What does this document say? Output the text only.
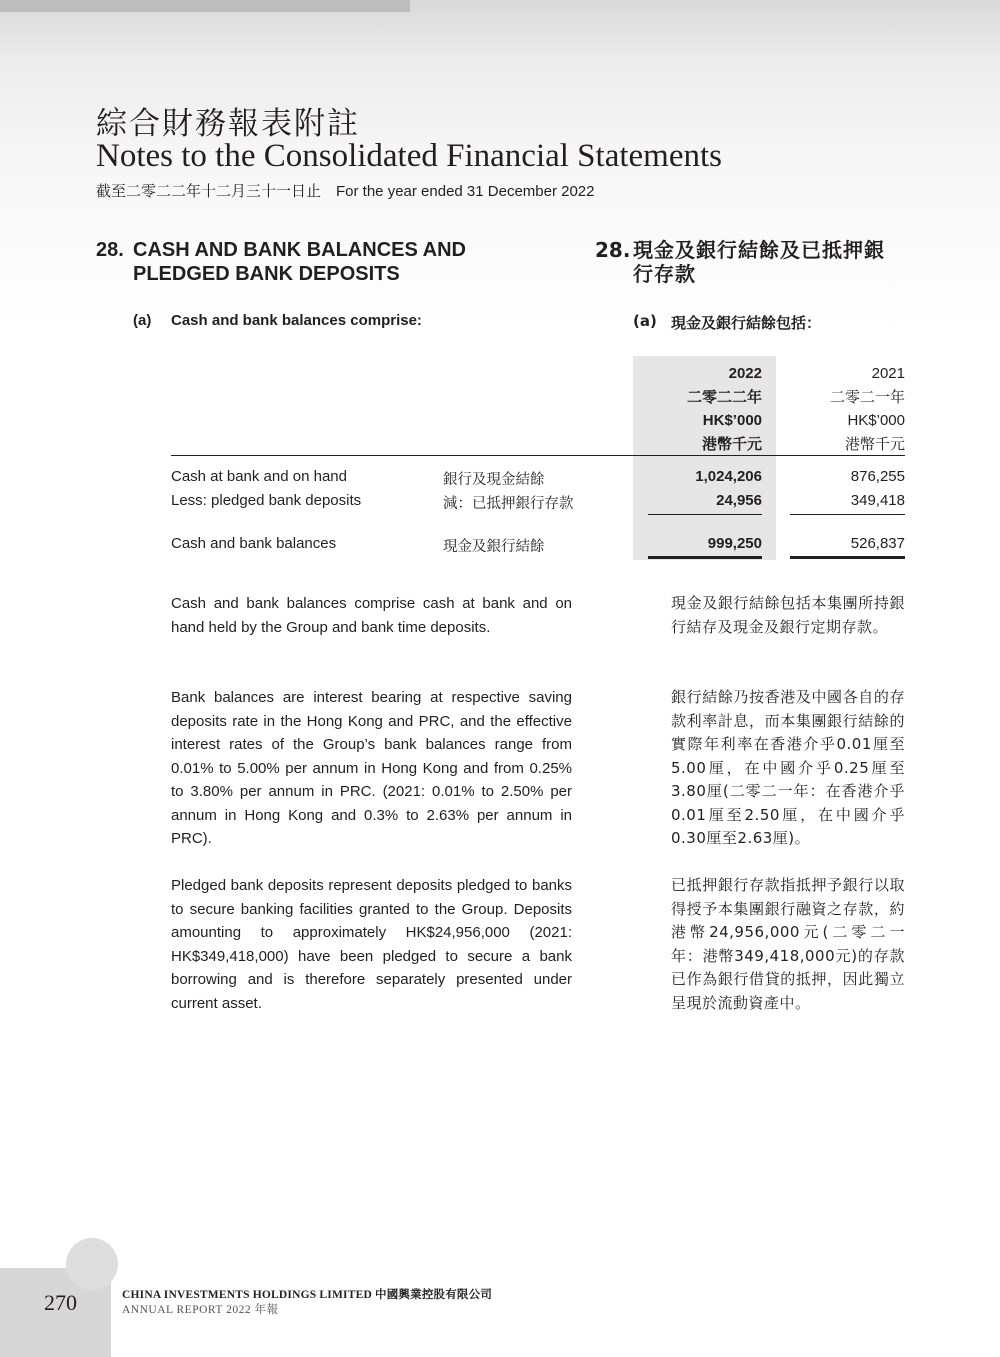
綜合財務報表附註
Notes to the Consolidated Financial Statements
截至二零二二年十二月三十一日止　For the year ended 31 December 2022
28. CASH AND BANK BALANCES AND PLEDGED BANK DEPOSITS
28. 現金及銀行結餘及已抵押銀行存款
(a) Cash and bank balances comprise:	(a) 現金及銀行結餘包括：
2022
二零二二年
HK$’000
港幣千元
2021
二零二一年
HK$’000
港幣千元
Cash at bank and on hand	銀行及現金結餘	1,024,206	876,255
Less: pledged bank deposits	減：已抵押銀行存款	24,956	349,418
Cash and bank balances	現金及銀行結餘	999,250	526,837
Cash and bank balances comprise cash at bank and on hand held by the Group and bank time deposits.
現金及銀行結餘包括本集團所持銀行結存及現金及銀行定期存款。
Bank balances are interest bearing at respective saving deposits rate in the Hong Kong and PRC, and the effective interest rates of the Group’s bank balances range from 0.01% to 5.00% per annum in Hong Kong and from 0.25% to 3.80% per annum in PRC. (2021: 0.01% to 2.50% per annum in Hong Kong and 0.3% to 2.63% per annum in PRC).
銀行結餘乃按香港及中國各自的存款利率計息，而本集團銀行結餘的實際年利率在香港介乎0.01厘至5.00厘，在中國介乎0.25厘至3.80厘(二零二一年：在香港介乎0.01厘至2.50厘，在中國介乎0.30厘至2.63厘)。
Pledged bank deposits represent deposits pledged to banks to secure banking facilities granted to the Group. Deposits amounting to approximately HK$24,956,000 (2021: HK$349,418,000) have been pledged to secure a bank borrowing and is therefore separately presented under current asset.
已抵押銀行存款指抵押予銀行以取得授予本集團銀行融資之存款，約港幣24,956,000元(二零二一年：港幣349,418,000元)的存款已作為銀行借貸的抵押，因此獨立呈現於流動資產中。
270	CHINA INVESTMENTS HOLDINGS LIMITED 中國興業控股有限公司
ANNUAL REPORT 2022 年報
